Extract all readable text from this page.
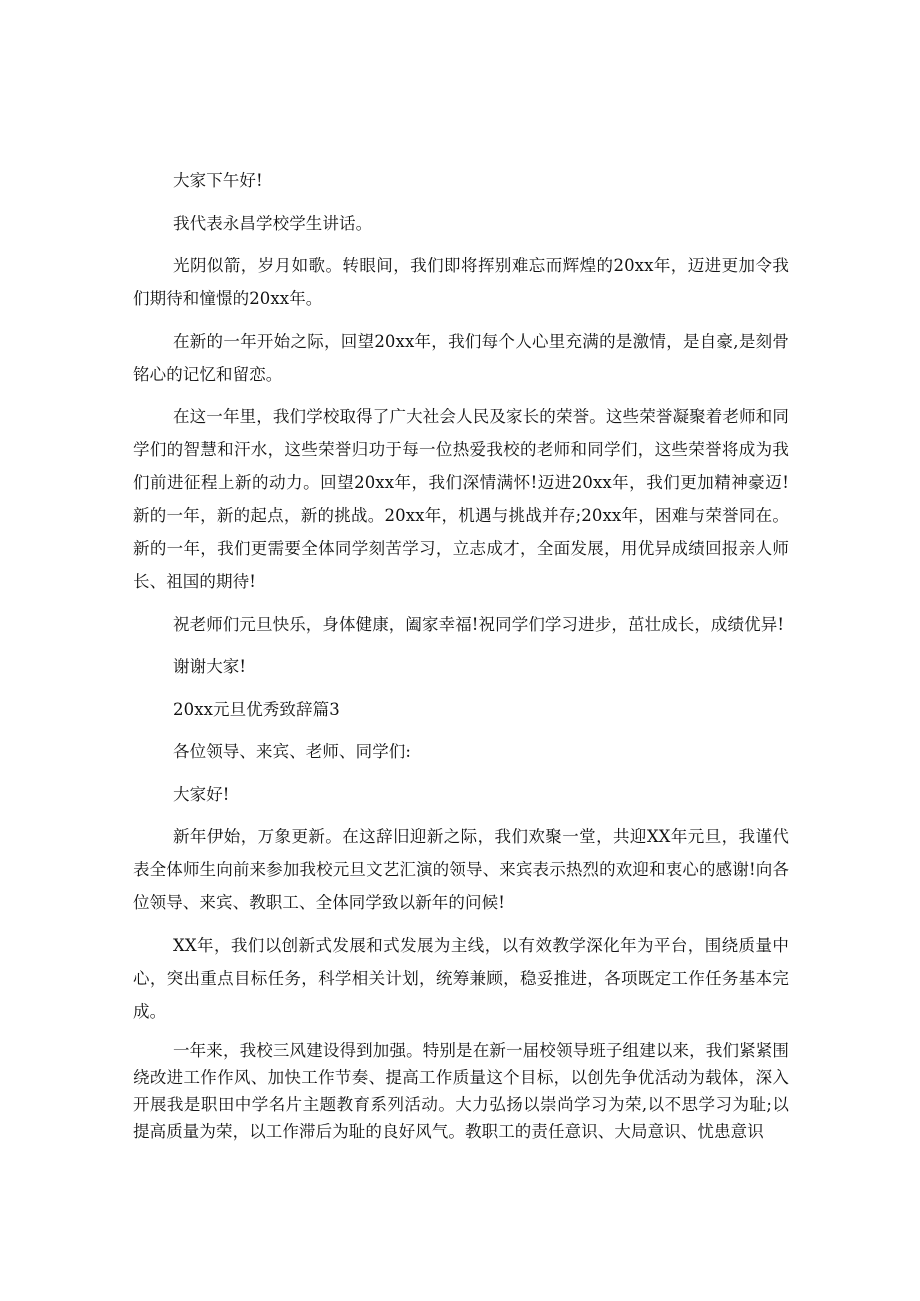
大家下午好!

我代表永昌学校学生讲话。

光阴似箭，岁月如歌。转眼间，我们即将挥别难忘而辉煌的20xx年，迈进更加令我们期待和憧憬的20xx年。

在新的一年开始之际，回望20xx年，我们每个人心里充满的是激情，是自豪,是刻骨铭心的记忆和留恋。

在这一年里，我们学校取得了广大社会人民及家长的荣誉。这些荣誉凝聚着老师和同学们的智慧和汗水，这些荣誉归功于每一位热爱我校的老师和同学们，这些荣誉将成为我们前进征程上新的动力。回望20xx年，我们深情满怀!迈进20xx年，我们更加精神豪迈!新的一年，新的起点，新的挑战。20xx年，机遇与挑战并存;20xx年，困难与荣誉同在。新的一年，我们更需要全体同学刻苦学习，立志成才，全面发展，用优异成绩回报亲人师长、祖国的期待!

祝老师们元旦快乐，身体健康，阖家幸福!祝同学们学习进步，茁壮成长，成绩优异!

谢谢大家!

20xx元旦优秀致辞篇3

各位领导、来宾、老师、同学们:

大家好!

新年伊始，万象更新。在这辞旧迎新之际，我们欢聚一堂，共迎XX年元旦，我谨代表全体师生向前来参加我校元旦文艺汇演的领导、来宾表示热烈的欢迎和衷心的感谢!向各位领导、来宾、教职工、全体同学致以新年的问候!

XX年，我们以创新式发展和式发展为主线，以有效教学深化年为平台，围绕质量中心，突出重点目标任务，科学相关计划，统筹兼顾，稳妥推进，各项既定工作任务基本完成。

一年来，我校三风建设得到加强。特别是在新一届校领导班子组建以来，我们紧紧围绕改进工作作风、加快工作节奏、提高工作质量这个目标，以创先争优活动为载体，深入开展我是职田中学名片主题教育系列活动。大力弘扬以崇尚学习为荣,以不思学习为耻;以提高质量为荣，以工作滞后为耻的良好风气。教职工的责任意识、大局意识、忧患意识
